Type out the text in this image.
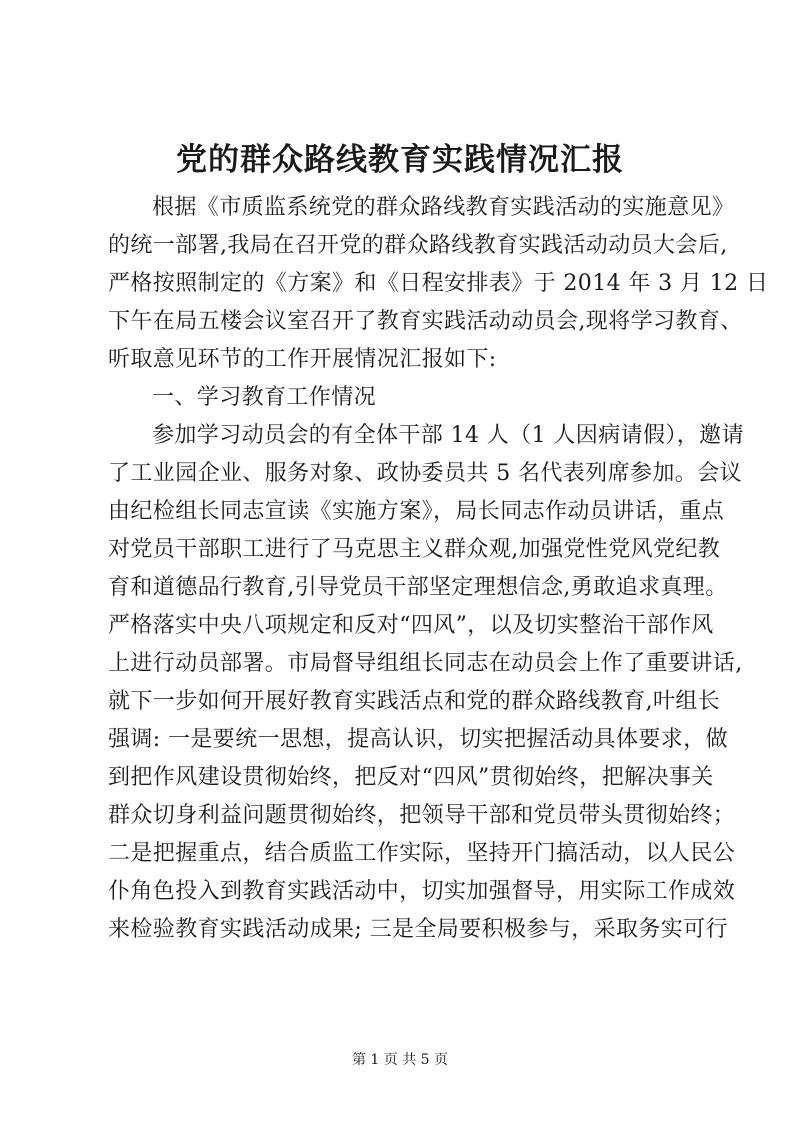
党的群众路线教育实践情况汇报
根据《市质监系统党的群众路线教育实践活动的实施意见》
的统一部署,我局在召开党的群众路线教育实践活动动员大会后,
严格按照制定的《方案》和《日程安排表》于 2014 年 3 月 12 日
下午在局五楼会议室召开了教育实践活动动员会,现将学习教育、
听取意见环节的工作开展情况汇报如下:
一、学习教育工作情况
参加学习动员会的有全体干部 14 人（1 人因病请假），邀请
了工业园企业、服务对象、政协委员共 5 名代表列席参加。会议
由纪检组长同志宣读《实施方案》，局长同志作动员讲话，重点
对党员干部职工进行了马克思主义群众观,加强党性党风党纪教
育和道德品行教育,引导党员干部坚定理想信念,勇敢追求真理。
严格落实中央八项规定和反对“四风”，以及切实整治干部作风
上进行动员部署。市局督导组组长同志在动员会上作了重要讲话,
就下一步如何开展好教育实践活点和党的群众路线教育,叶组长
强调: 一是要统一思想，提高认识，切实把握活动具体要求，做
到把作风建设贯彻始终，把反对“四风”贯彻始终，把解决事关
群众切身利益问题贯彻始终，把领导干部和党员带头贯彻始终；
二是把握重点，结合质监工作实际，坚持开门搞活动，以人民公
仆角色投入到教育实践活动中，切实加强督导，用实际工作成效
来检验教育实践活动成果; 三是全局要积极参与，采取务实可行
第 1 页 共 5 页
